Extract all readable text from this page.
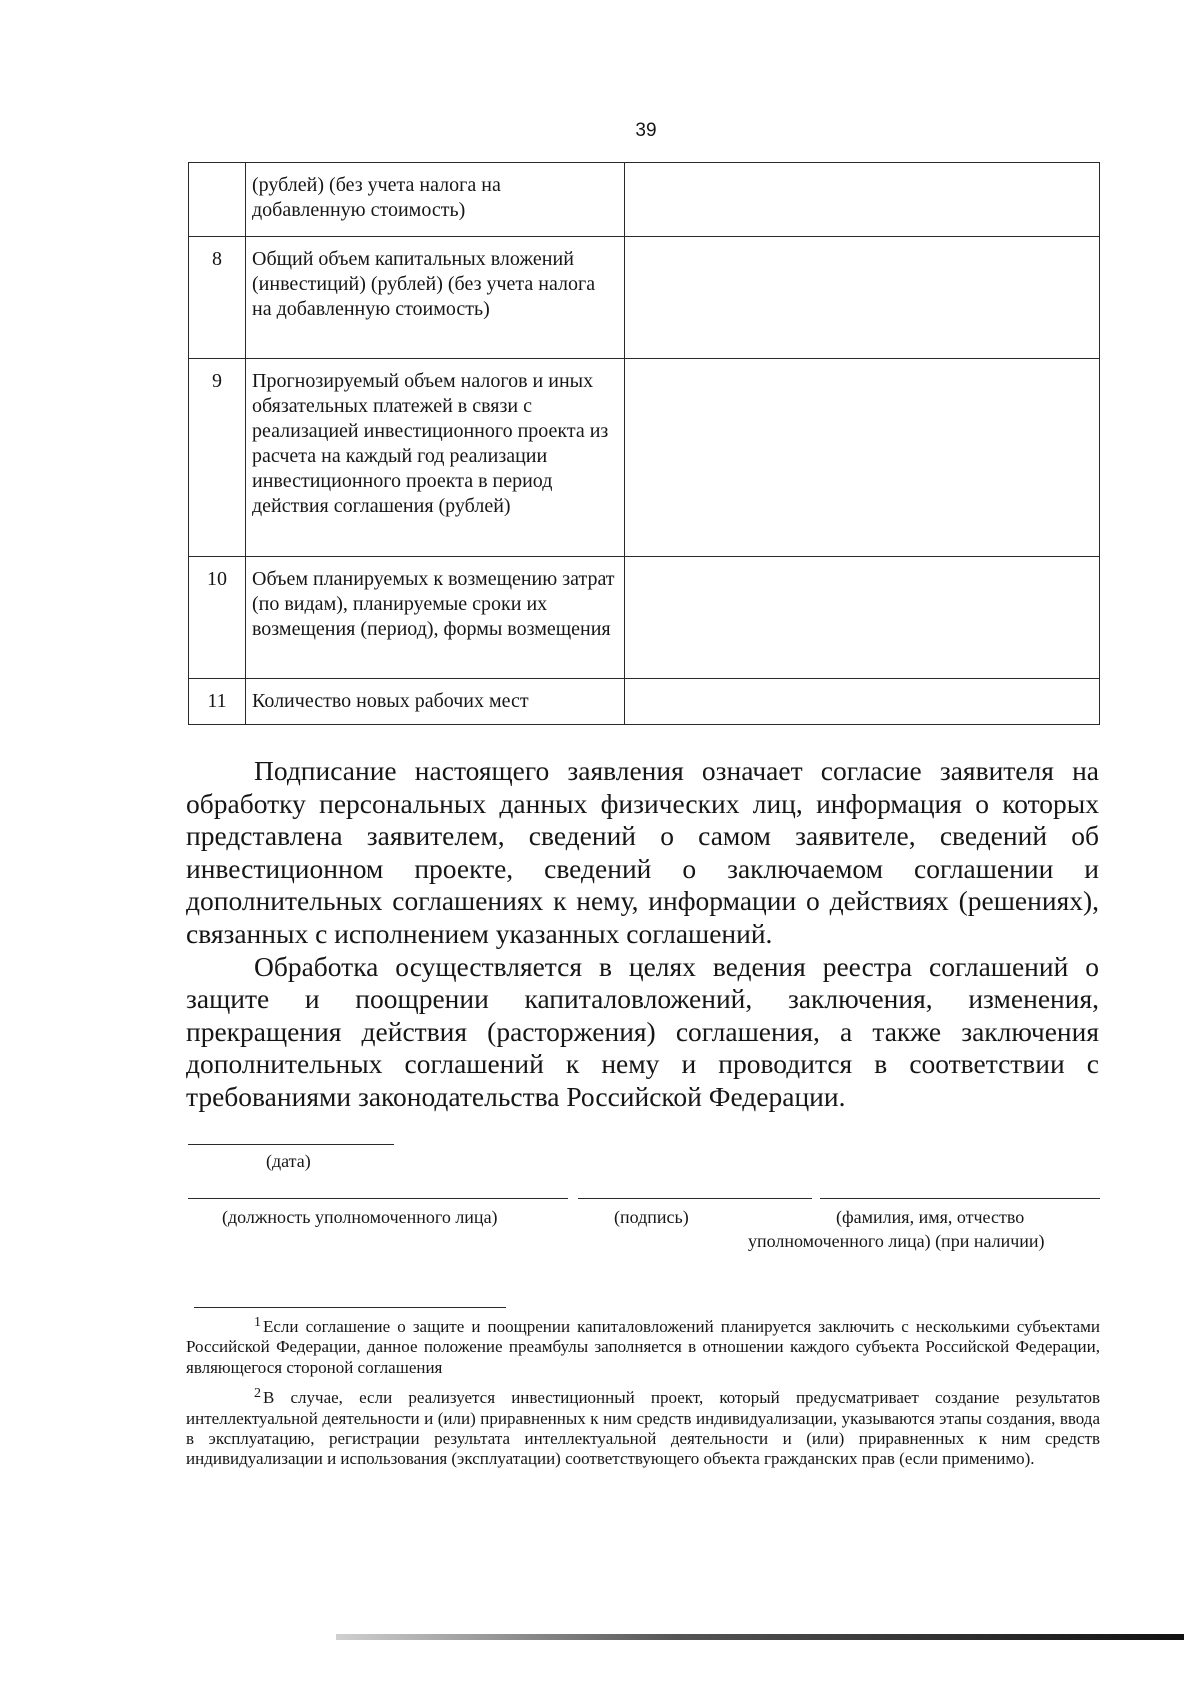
39
	(рублей) (без учета налога на добавленную стоимость)	
8	Общий объем капитальных вложений (инвестиций) (рублей) (без учета налога на добавленную стоимость)	
9	Прогнозируемый объем налогов и иных обязательных платежей в связи с реализацией инвестиционного проекта из расчета на каждый год реализации инвестиционного проекта в период действия соглашения (рублей)	
10	Объем планируемых к возмещению затрат (по видам), планируемые сроки их возмещения (период), формы возмещения	
11	Количество новых рабочих мест	

Подписание настоящего заявления означает согласие заявителя на обработку персональных данных физических лиц, информация о которых представлена заявителем, сведений о самом заявителе, сведений об инвестиционном проекте, сведений о заключаемом соглашении и дополнительных соглашениях к нему, информации о действиях (решениях), связанных с исполнением указанных соглашений.

Обработка осуществляется в целях ведения реестра соглашений о защите и поощрении капиталовложений, заключения, изменения, прекращения действия (расторжения) соглашения, а также заключения дополнительных соглашений к нему и проводится в соответствии с требованиями законодательства Российской Федерации.

(дата)
(должность уполномоченного лица)	(подпись)	(фамилия, имя, отчество
уполномоченного лица) (при наличии)

$^1$ Если соглашение о защите и поощрении капиталовложений планируется заключить с несколькими субъектами Российской Федерации, данное положение преамбулы заполняется в отношении каждого субъекта Российской Федерации, являющегося стороной соглашения

$^2$ В случае, если реализуется инвестиционный проект, который предусматривает создание результатов интеллектуальной деятельности и (или) приравненных к ним средств индивидуализации, указываются этапы создания, ввода в эксплуатацию, регистрации результата интеллектуальной деятельности и (или) приравненных к ним средств индивидуализации и использования (эксплуатации) соответствующего объекта гражданских прав (если применимо).
